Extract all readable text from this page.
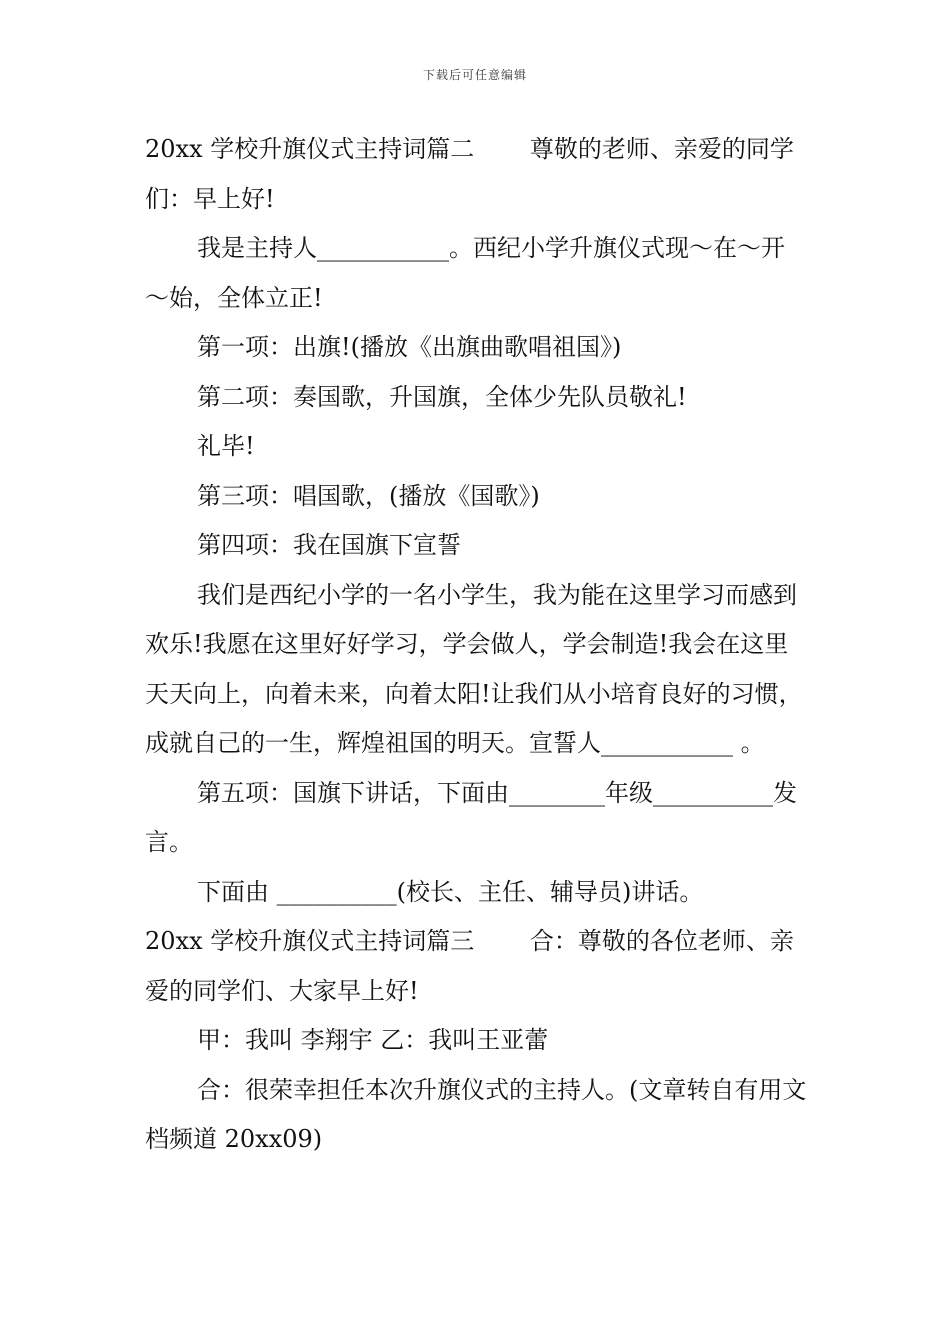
下载后可任意编辑

20xx 学校升旗仪式主持词篇二　　 尊敬的老师、亲爱的同学们：早上好!

我是主持人___________。西纪小学升旗仪式现～在～开～始，全体立正!

第一项：出旗!(播放《出旗曲歌唱祖国》)

第二项：奏国歌，升国旗，全体少先队员敬礼!

礼毕!

第三项：唱国歌，(播放《国歌》)

第四项：我在国旗下宣誓

我们是西纪小学的一名小学生，我为能在这里学习而感到欢乐!我愿在这里好好学习，学会做人，学会制造!我会在这里天天向上，向着未来，向着太阳!让我们从小培育良好的习惯，成就自己的一生，辉煌祖国的明天。宣誓人___________ 。

第五项：国旗下讲话，下面由________年级__________发言。

下面由 __________(校长、主任、辅导员)讲话。

20xx 学校升旗仪式主持词篇三　　 合：尊敬的各位老师、亲爱的同学们、大家早上好!

甲：我叫 李翔宇 乙：我叫王亚蕾

合：很荣幸担任本次升旗仪式的主持人。(文章转自有用文档频道 20xx09)
